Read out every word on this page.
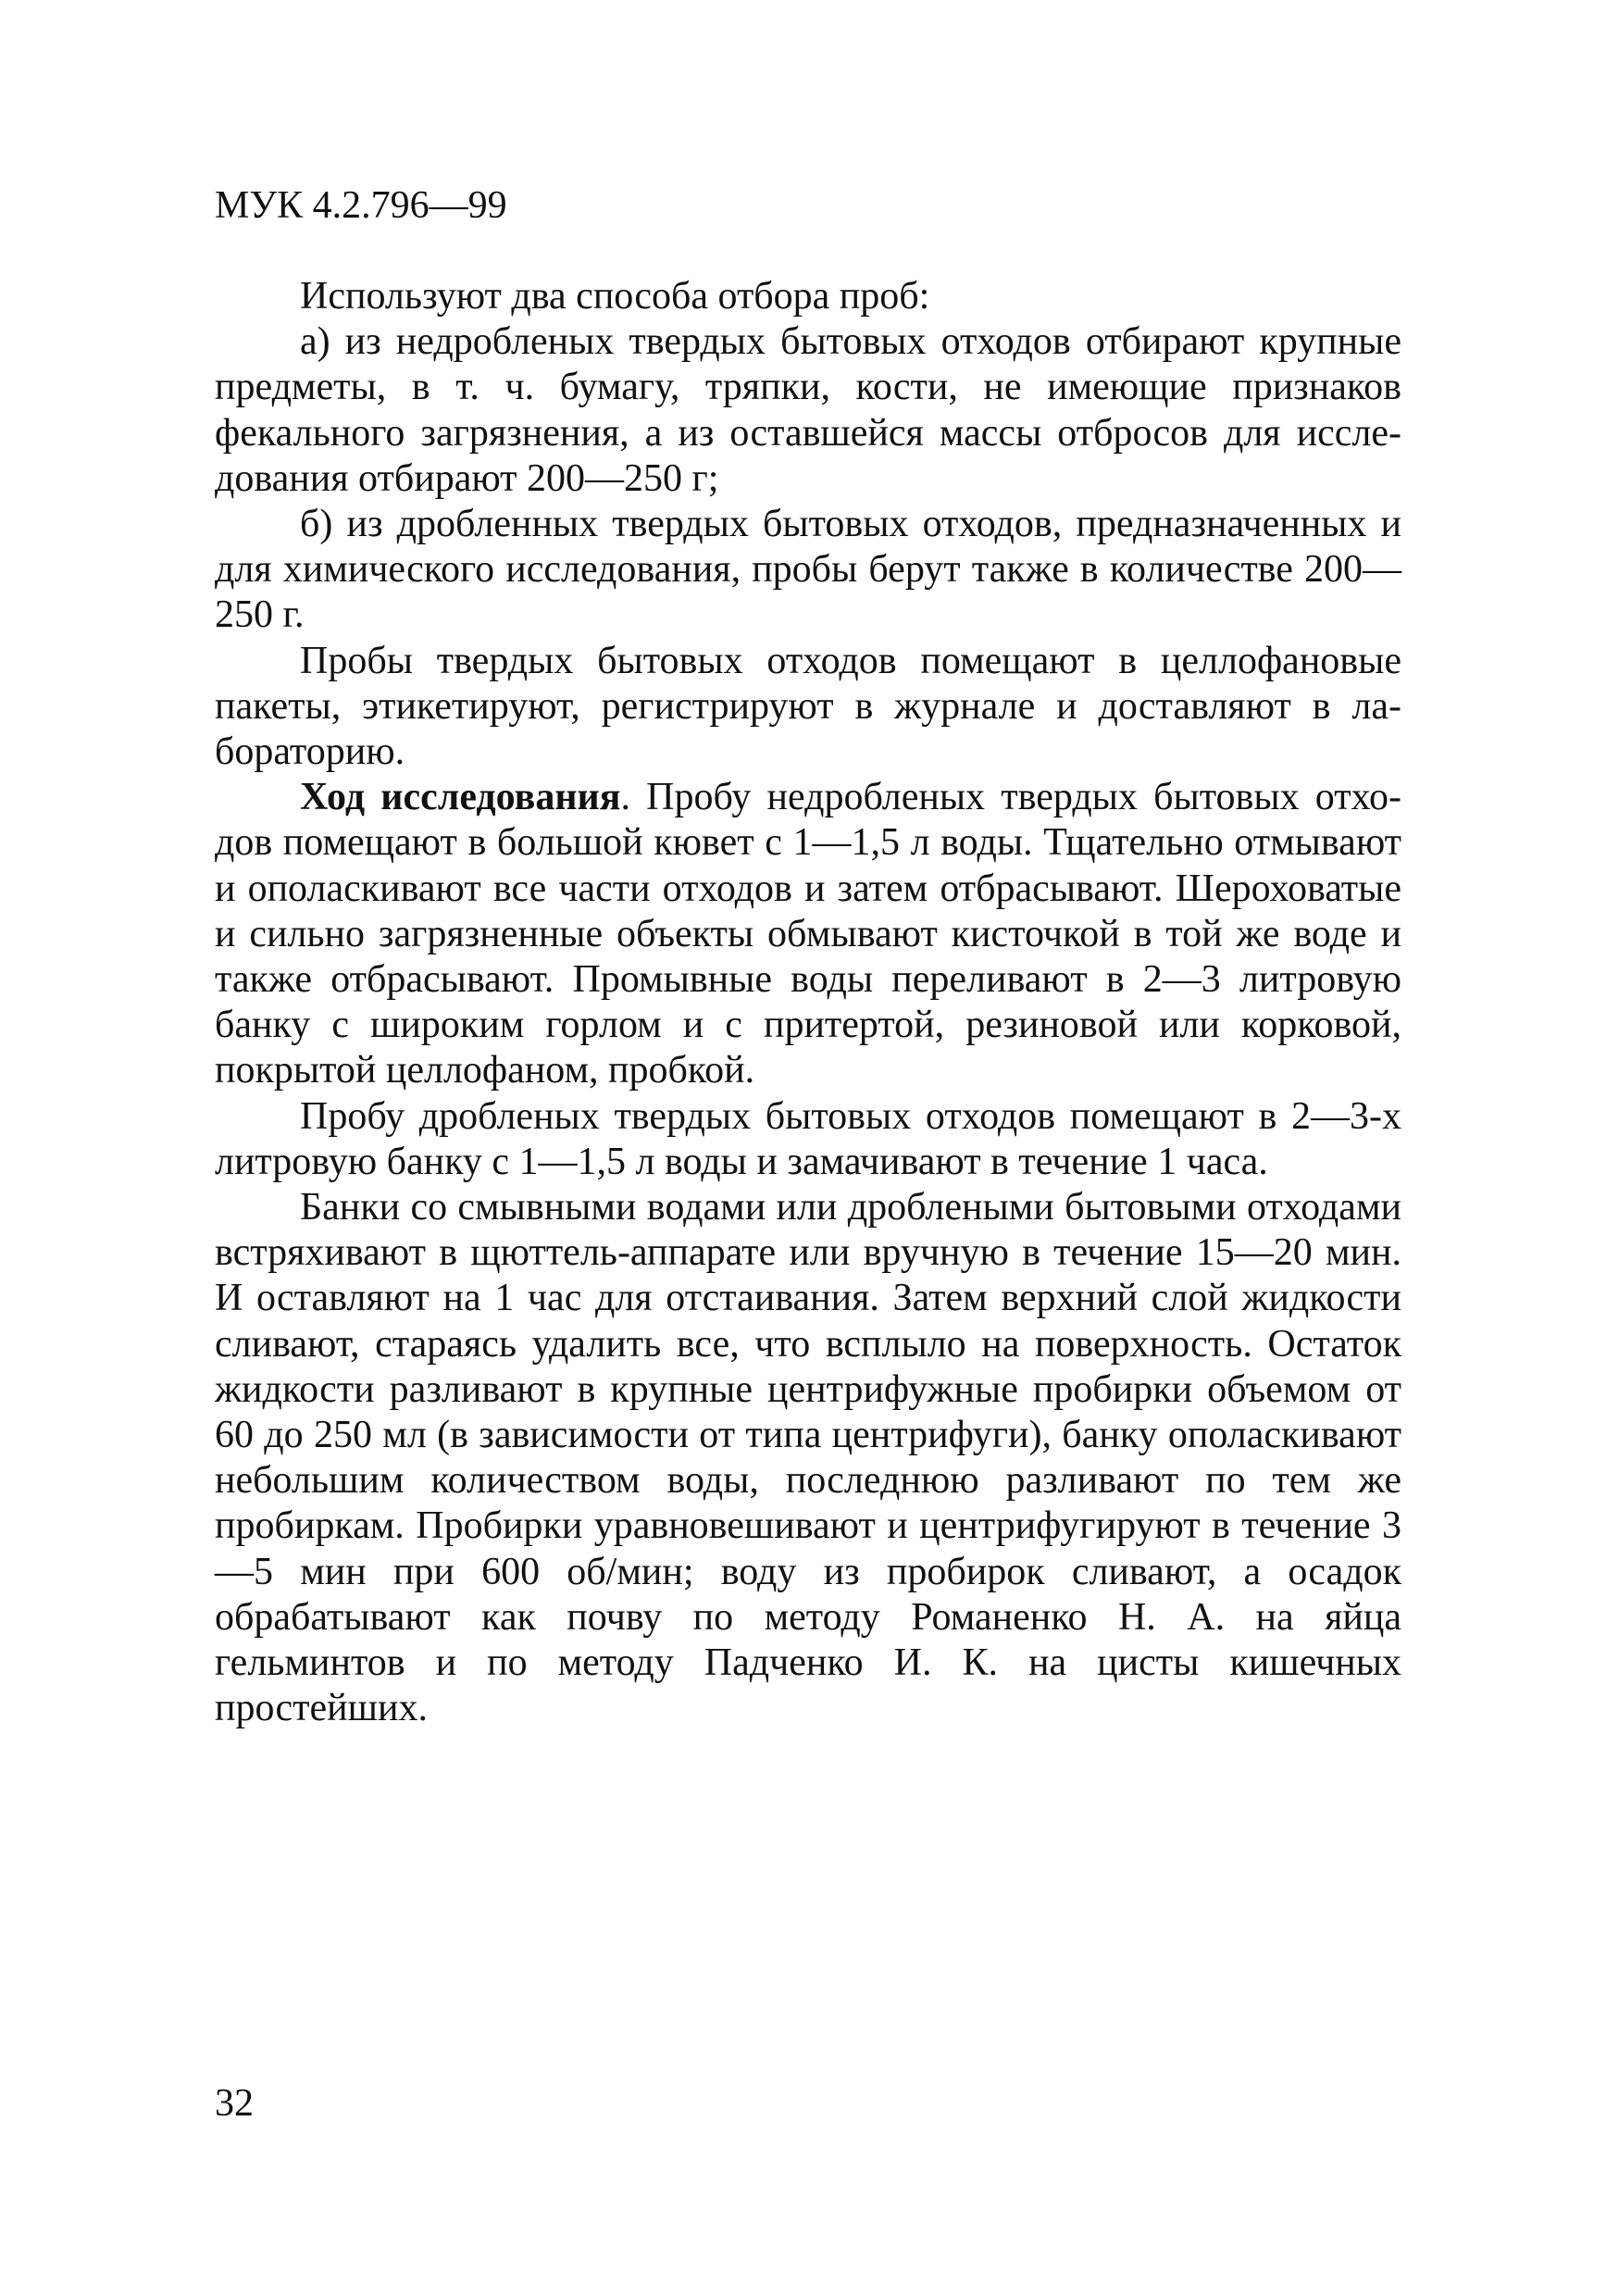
МУК 4.2.796—99

Используют два способа отбора проб:

а) из недробленых твердых бытовых отходов отбирают крупные предметы, в т. ч. бумагу, тряпки, кости, не имеющие признаков фекального загрязнения, а из оставшейся массы отбросов для исследования отбирают 200—250 г;

б) из дробленных твердых бытовых отходов, предназначенных и для химического исследования, пробы берут также в количестве 200—250 г.

Пробы твердых бытовых отходов помещают в целлофановые пакеты, этикетируют, регистрируют в журнале и доставляют в лабораторию.

Ход исследования. Пробу недробленых твердых бытовых отходов помещают в большой кювет с 1—1,5 л воды. Тщательно отмывают и ополаскивают все части отходов и затем отбрасывают. Шероховатые и сильно загрязненные объекты обмывают кисточкой в той же воде и также отбрасывают. Промывные воды переливают в 2—3 литровую банку с широким горлом и с притертой, резиновой или корковой, покрытой целлофаном, пробкой.

Пробу дробленых твердых бытовых отходов помещают в 2—3-х литровую банку с 1—1,5 л воды и замачивают в течение 1 часа.

Банки со смывными водами или дроблеными бытовыми отходами встряхивают в щюттель-аппарате или вручную в течение 15—20 мин. И оставляют на 1 час для отстаивания. Затем верхний слой жидкости сливают, стараясь удалить все, что всплыло на поверхность. Остаток жидкости разливают в крупные центрифужные пробирки объемом от 60 до 250 мл (в зависимости от типа центрифуги), банку ополаскивают небольшим количеством воды, последнюю разливают по тем же пробиркам. Пробирки уравновешивают и центрифугируют в течение 3—5 мин при 600 об/мин; воду из пробирок сливают, а осадок обрабатывают как почву по методу Романенко Н. А. на яйца гельминтов и по методу Падченко И. К. на цисты кишечных простейших.

32
